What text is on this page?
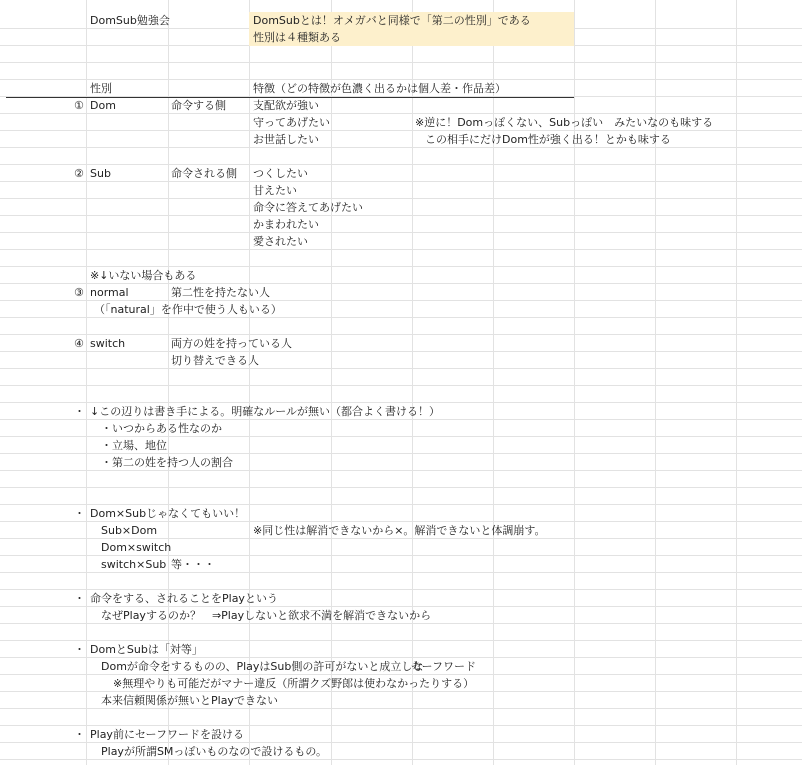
DomSub勉強会	DomSubとは！オメガバと同様で「第二の性別」である
性別は４種類ある
性別	特徴（どの特徴が色濃く出るかは個人差・作品差）
① Dom	命令する側 支配欲が強い
守ってあげたい	※逆に！Domっぽくない、Subっぽい　みたいなのも味する
お世話したい	この相手にだけDom性が強く出る！とかも味する
② Sub	命令される側 つくしたい
甘えたい
命令に答えてあげたい
かまわれたい
愛されたい
※↓いない場合もある
③ normal	第二性を持たない人
（「natural」を作中で使う人もいる）
④ switch	両方の姓を持っている人
切り替えできる人
・ ↓この辺りは書き手による。明確なルールが無い（都合よく書ける！）
・いつからある性なのか
・立場、地位
・第二の姓を持つ人の割合
・ Dom×Subじゃなくてもいい！
Sub×Dom	※同じ性は解消できないから×。解消できないと体調崩す。
Dom×switch
switch×Sub 等・・・
・ 命令をする、されることをPlayという
なぜPlayするのか？　⇒Playしないと欲求不満を解消できないから
・ DomとSubは「対等」
Domが命令をするものの、PlayはSub側の許可がないと成立しな
セーフワード
※無理やりも可能だがマナー違反（所謂クズ野郎は使わなかったりする）
本来信頼関係が無いとPlayできない
・ Play前にセーフワードを設ける
Playが所謂SMっぽいものなので設けるもの。
